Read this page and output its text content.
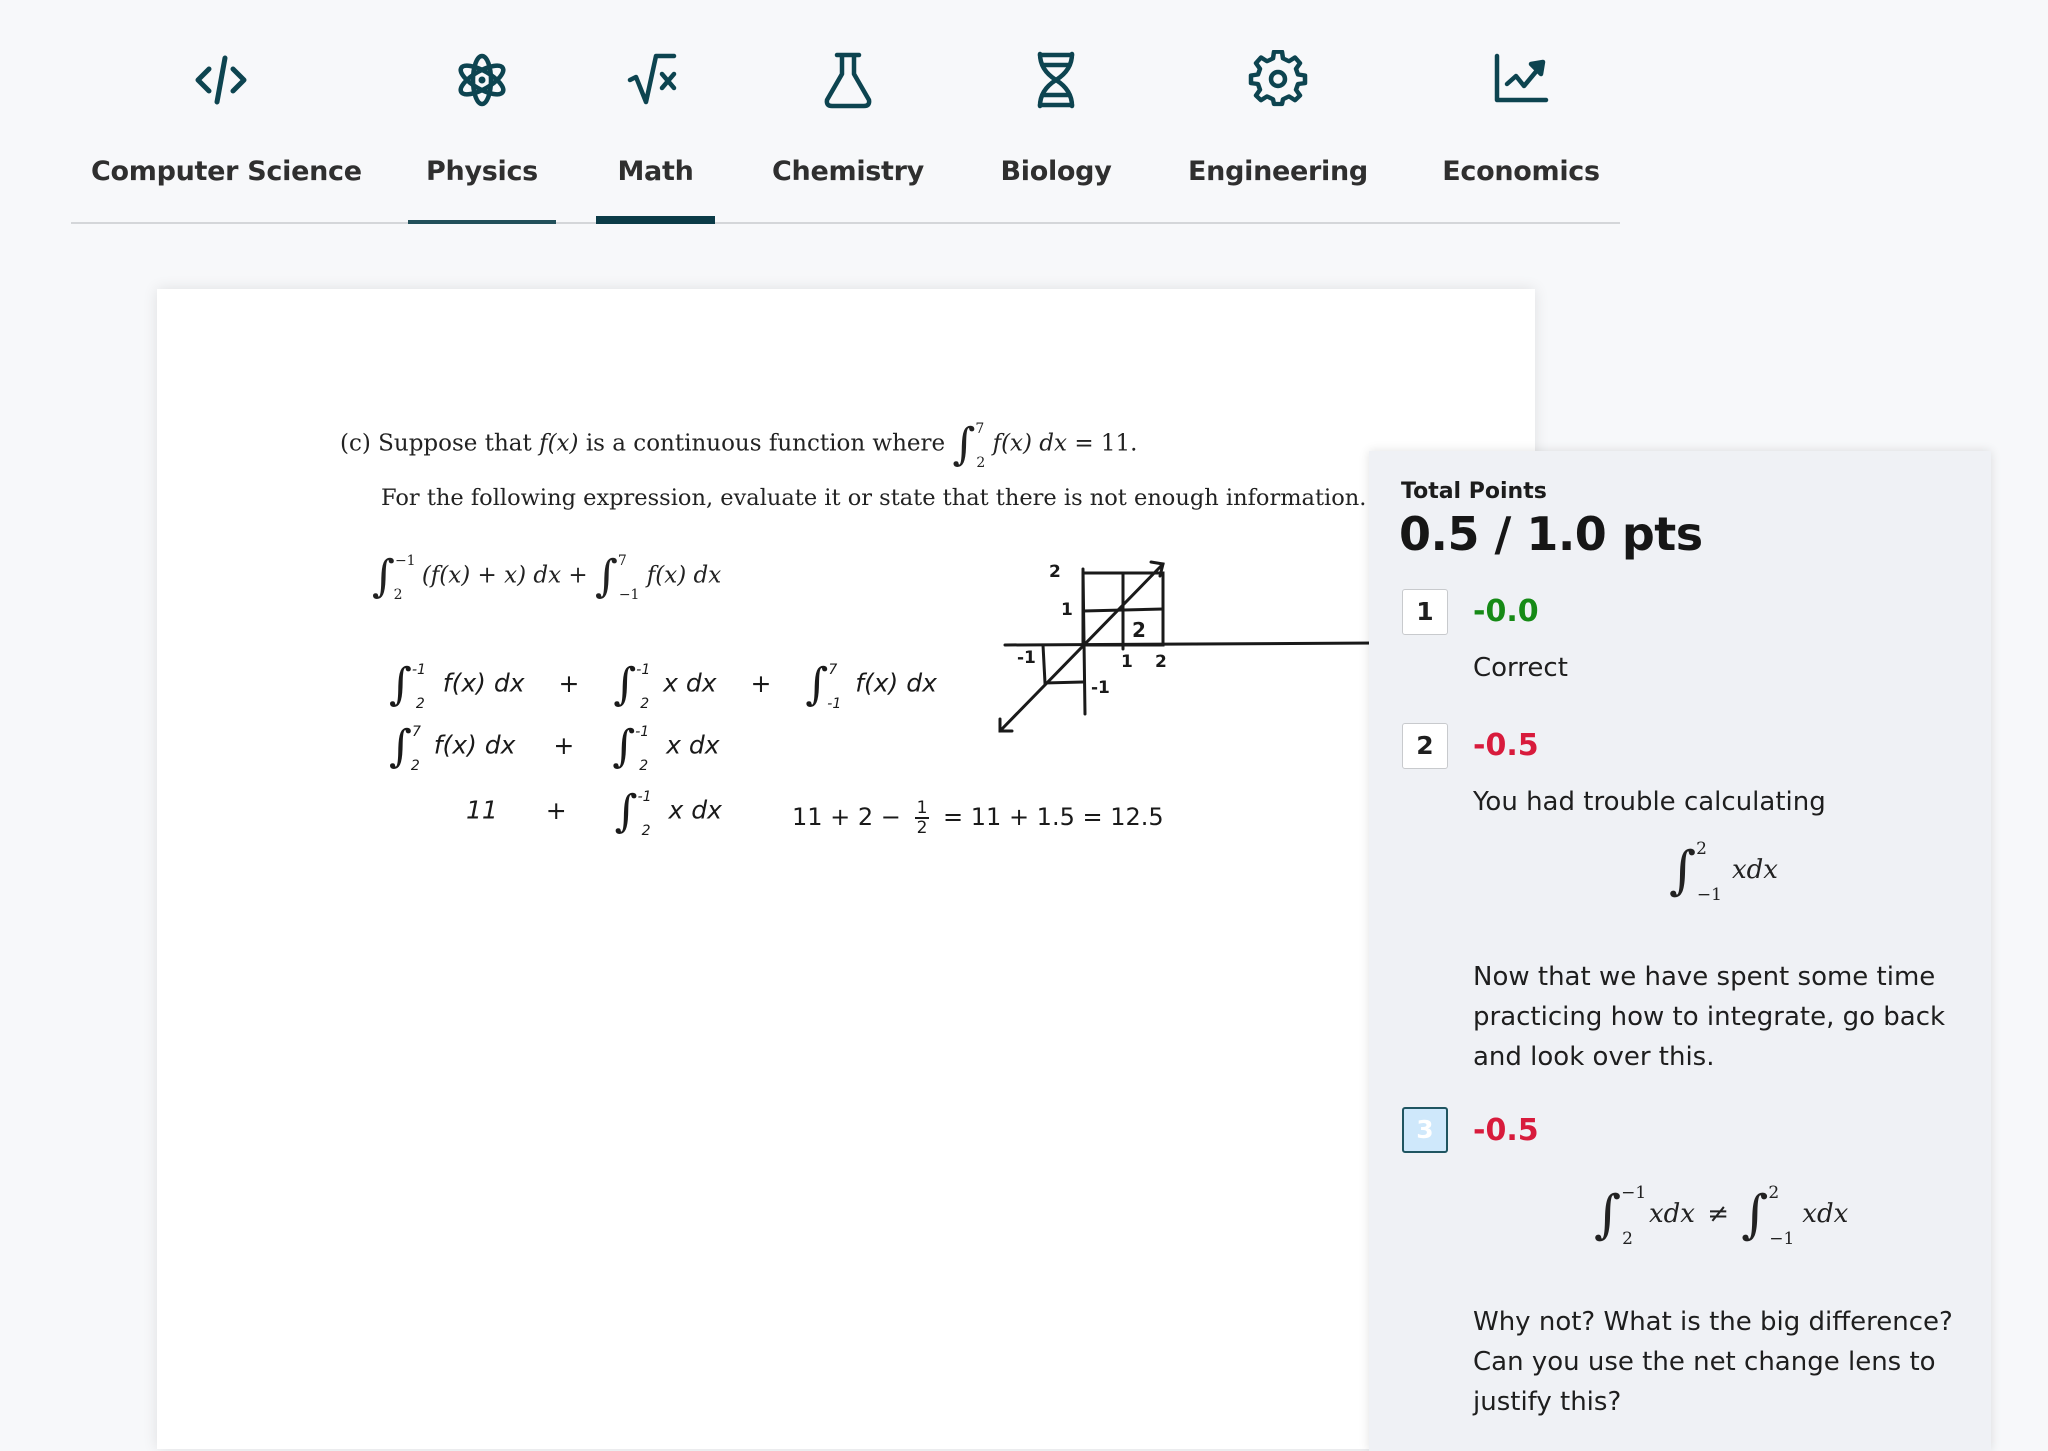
Computer Science	Physics	Math	Chemistry	Biology	Engineering	Economics
(c) Suppose that f(x) is a continuous function where ∫$^7_2$ f(x) dx = 11.
For the following expression, evaluate it or state that there is not enough information.
∫$^{-1}_2$ (f(x) + x) dx + ∫$^7_{-1}$ f(x) dx
∫$^{-1}_2$ f(x) dx + ∫$^{-1}_2$ x dx + ∫$^7_{-1}$ f(x) dx
∫$^7_2$ f(x) dx + ∫$^{-1}_2$ x dx
11 + ∫$^{-1}_2$ x dx	$11 + 2 - \frac{1}{2} = 11 + 1.5 = 12.5$
2
1
-1
-1	1 2
2
Total Points
0.5 / 1.0 pts
1	-0.0
Correct
2	-0.5
You had trouble calculating
∫$^2_{-1}$xdx
Now that we have spent some time practicing how to integrate, go back and look over this.
3	-0.5
∫$^{-1}_2$xdx ≠ ∫$^2_{-1}$xdx
Why not? What is the big difference? Can you use the net change lens to justify this?
